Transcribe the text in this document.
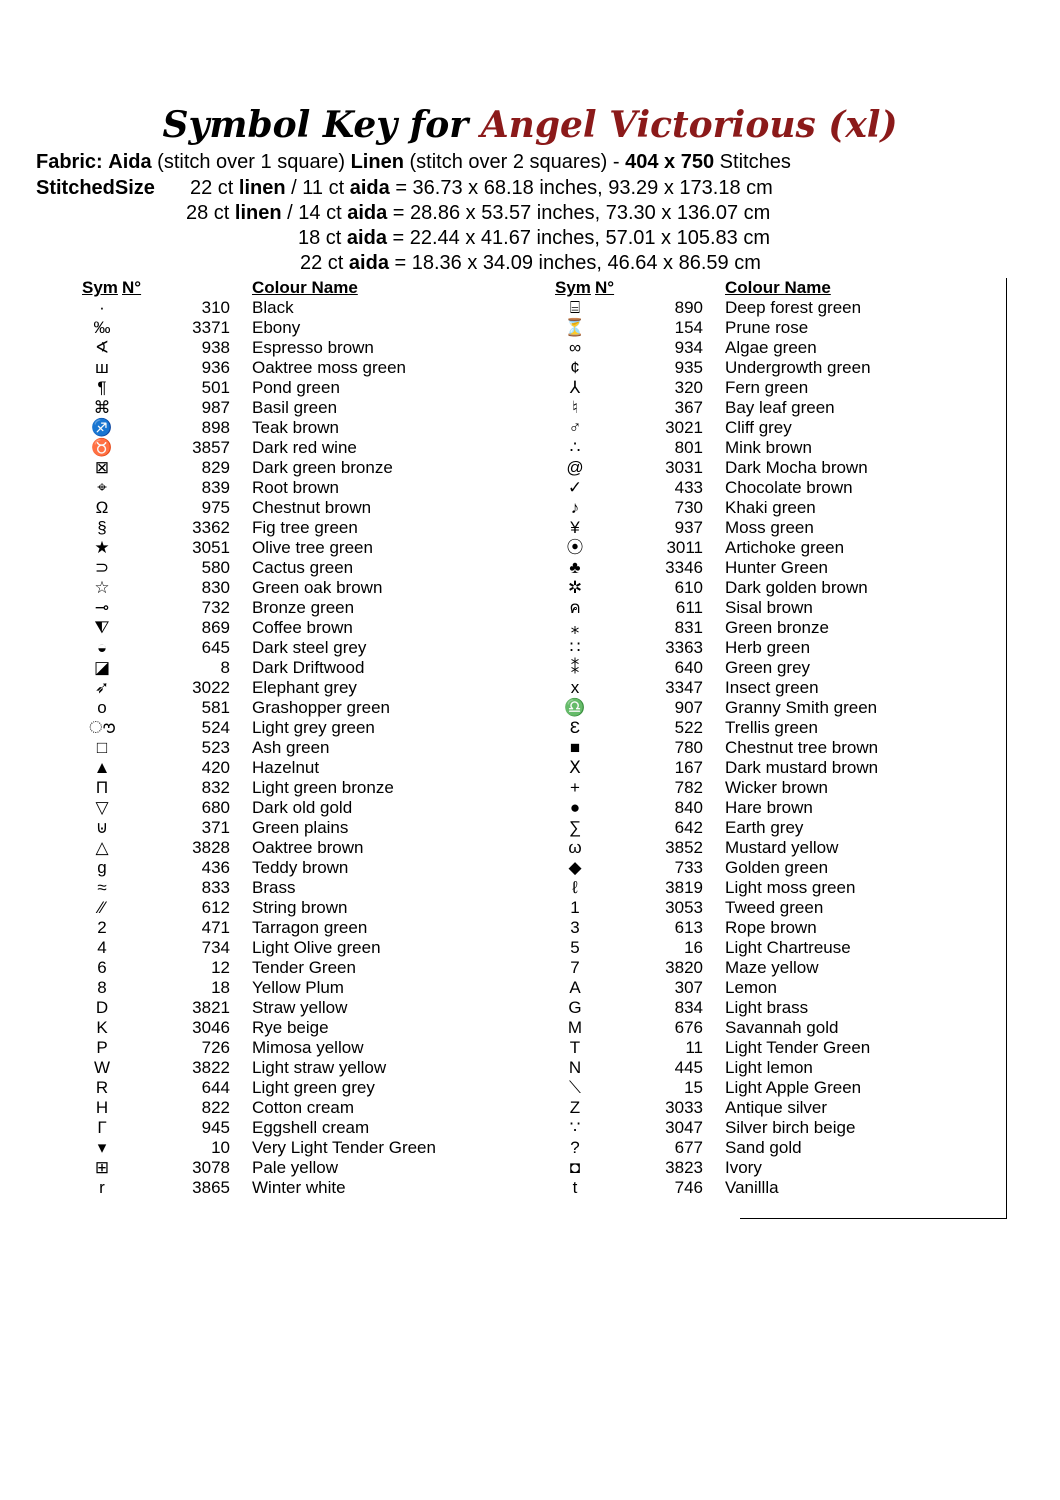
Symbol Key for Angel Victorious (xl)
Fabric: Aida (stitch over 1 square) Linen (stitch over 2 squares) - 404 x 750 Stitches
StitchedSize 22 ct linen / 11 ct aida = 36.73 x 68.18 inches, 93.29 x 173.18 cm
28 ct linen / 14 ct aida = 28.86 x 53.57 inches, 73.30 x 136.07 cm
18 ct aida = 22.44 x 41.67 inches, 57.01 x 105.83 cm
22 ct aida = 18.36 x 34.09 inches, 46.64 x 86.59 cm
Sym	N°	Colour Name
·	310	Black
‰	3371	Ebony
∢	938	Espresso brown
ш	936	Oaktree moss green
¶	501	Pond green
⌘	987	Basil green
♐	898	Teak brown
♉	3857	Dark red wine
⊠	829	Dark green bronze
⌖	839	Root brown
Ω	975	Chestnut brown
§	3362	Fig tree green
★	3051	Olive tree green
⊃	580	Cactus green
☆	830	Green oak brown
⊸	732	Bronze green
⧨	869	Coffee brown
◒	645	Dark steel grey
◪	8	Dark Driftwood
➶	3022	Elephant grey
o	581	Grashopper green
ൗ	524	Light grey green
□	523	Ash green
▲	420	Hazelnut
Π	832	Light green bronze
▽	680	Dark old gold
⊍	371	Green plains
△	3828	Oaktree brown
g	436	Teddy brown
≈	833	Brass
⁄⁄	612	String brown
2	471	Tarragon green
4	734	Light Olive green
6	12	Tender Green
8	18	Yellow Plum
D	3821	Straw yellow
K	3046	Rye beige
P	726	Mimosa yellow
W	3822	Light straw yellow
R	644	Light green grey
H	822	Cotton cream
Γ	945	Eggshell cream
▾	10	Very Light Tender Green
⊞	3078	Pale yellow
r	3865	Winter white
Sym	N°	Colour Name
⌸	890	Deep forest green
⏳	154	Prune rose
∞	934	Algae green
¢	935	Undergrowth green
⅄	320	Fern green
♮	367	Bay leaf green
♂	3021	Cliff grey
∴	801	Mink brown
@	3031	Dark Mocha brown
✓	433	Chocolate brown
♪	730	Khaki green
¥	937	Moss green
⦿	3011	Artichoke green
♣	3346	Hunter Green
✲	610	Dark golden brown
ค	611	Sisal brown
⁎	831	Green bronze
∷	3363	Herb green
⁑	640	Green grey
x	3347	Insect green
♎	907	Granny Smith green
Ɛ	522	Trellis green
■	780	Chestnut tree brown
Ⅹ	167	Dark mustard brown
+	782	Wicker brown
●	840	Hare brown
∑	642	Earth grey
ω	3852	Mustard yellow
◆	733	Golden green
ℓ	3819	Light moss green
1	3053	Tweed green
3	613	Rope brown
5	16	Light Chartreuse
7	3820	Maze yellow
A	307	Lemon
G	834	Light brass
M	676	Savannah gold
T	11	Light Tender Green
N	445	Light lemon
⟍	15	Light Apple Green
Z	3033	Antique silver
∵	3047	Silver birch beige
?	677	Sand gold
◘	3823	Ivory
t	746	Vanillla
